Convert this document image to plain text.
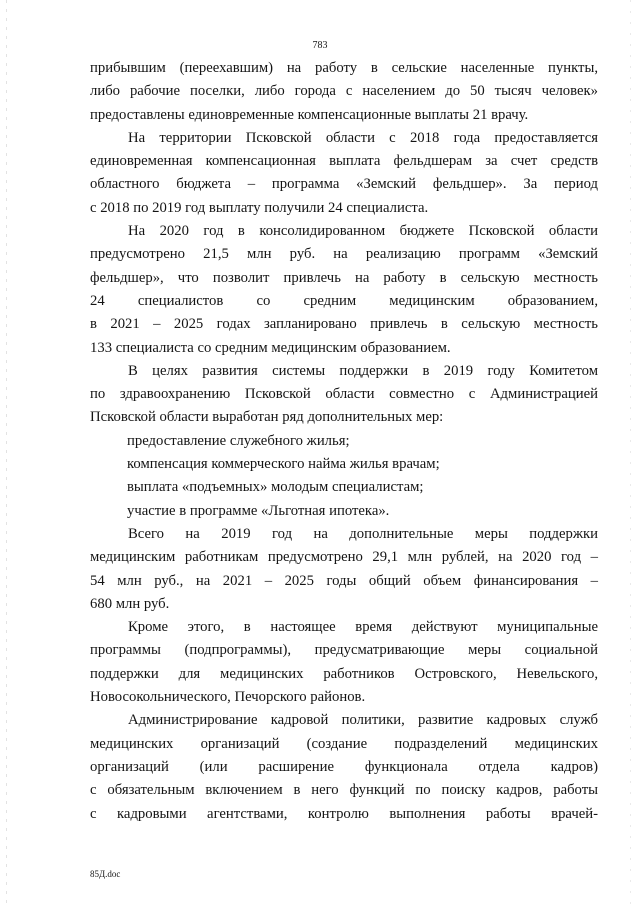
783
прибывшим (переехавшим) на работу в сельские населенные пункты,
либо рабочие поселки, либо города с населением до 50 тысяч человек»
предоставлены единовременные компенсационные выплаты 21 врачу.
На территории Псковской области с 2018 года предоставляется
единовременная компенсационная выплата фельдшерам за счет средств
областного бюджета – программа «Земский фельдшер». За период
с 2018 по 2019 год выплату получили 24 специалиста.
На 2020 год в консолидированном бюджете Псковской области
предусмотрено 21,5 млн руб. на реализацию программ «Земский
фельдшер», что позволит привлечь на работу в сельскую местность
24 специалистов со средним медицинским образованием,
в 2021 – 2025 годах запланировано привлечь в сельскую местность
133 специалиста со средним медицинским образованием.
В целях развития системы поддержки в 2019 году Комитетом
по здравоохранению Псковской области совместно с Администрацией
Псковской области выработан ряд дополнительных мер:
предоставление служебного жилья;
компенсация коммерческого найма жилья врачам;
выплата «подъемных» молодым специалистам;
участие в программе «Льготная ипотека».
Всего на 2019 год на дополнительные меры поддержки
медицинским работникам предусмотрено 29,1 млн рублей, на 2020 год –
54 млн руб., на 2021 – 2025 годы общий объем финансирования –
680 млн руб.
Кроме этого, в настоящее время действуют муниципальные
программы (подпрограммы), предусматривающие меры социальной
поддержки для медицинских работников Островского, Невельского,
Новосокольнического, Печорского районов.
Администрирование кадровой политики, развитие кадровых служб
медицинских организаций (создание подразделений медицинских
организаций (или расширение функционала отдела кадров)
с обязательным включением в него функций по поиску кадров, работы
с кадровыми агентствами, контролю выполнения работы врачей-
85Д.doc
